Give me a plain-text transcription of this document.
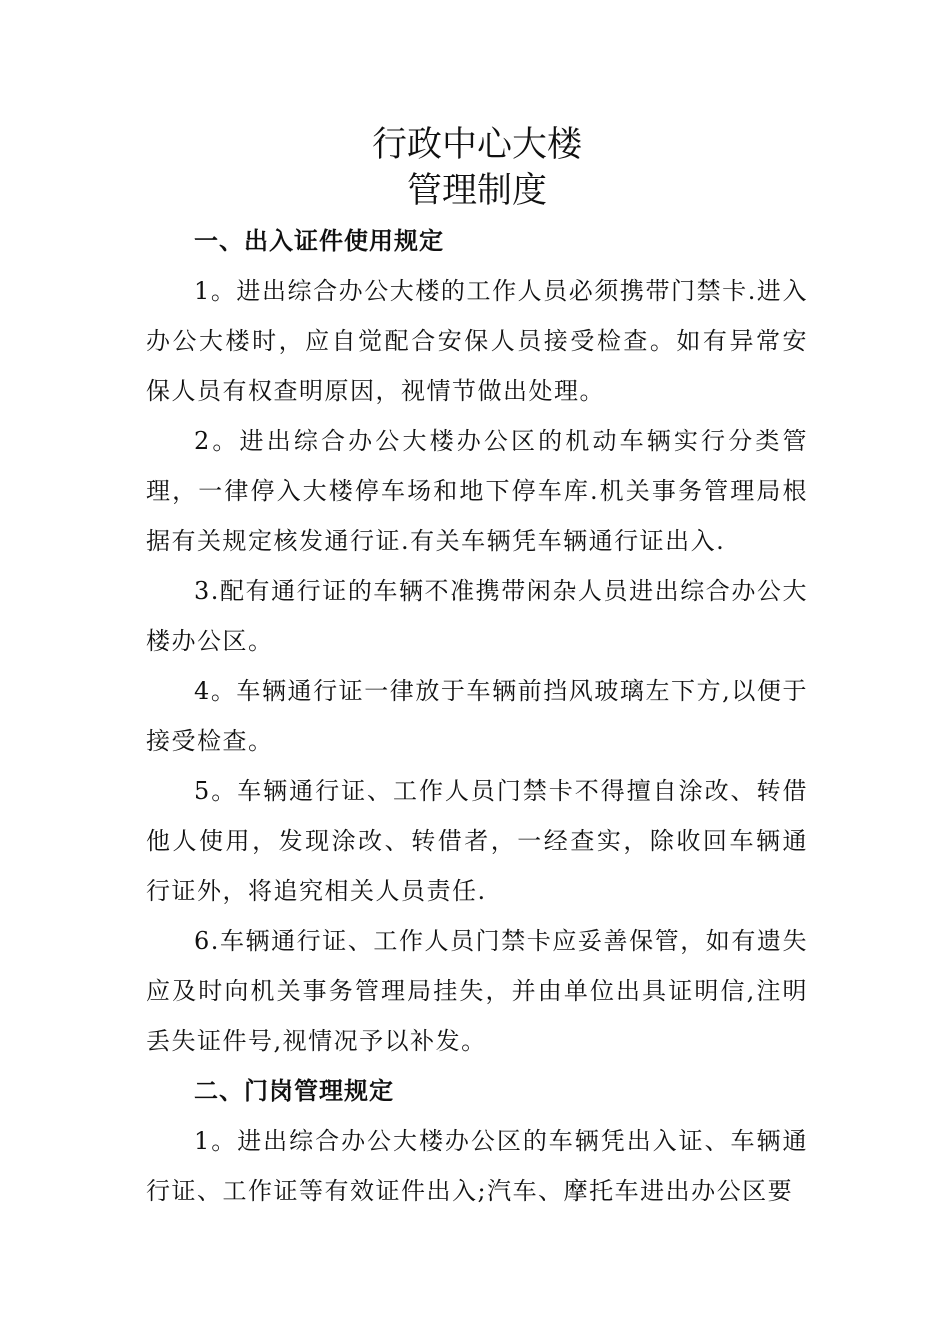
行政中心大楼
管理制度

一、出入证件使用规定

1。进出综合办公大楼的工作人员必须携带门禁卡.进入办公大楼时，应自觉配合安保人员接受检查。如有异常安保人员有权查明原因，视情节做出处理。

2。进出综合办公大楼办公区的机动车辆实行分类管理，一律停入大楼停车场和地下停车库.机关事务管理局根据有关规定核发通行证.有关车辆凭车辆通行证出入.

3.配有通行证的车辆不准携带闲杂人员进出综合办公大楼办公区。

4。车辆通行证一律放于车辆前挡风玻璃左下方,以便于接受检查。

5。车辆通行证、工作人员门禁卡不得擅自涂改、转借他人使用，发现涂改、转借者，一经查实，除收回车辆通行证外，将追究相关人员责任.

6.车辆通行证、工作人员门禁卡应妥善保管，如有遗失应及时向机关事务管理局挂失，并由单位出具证明信,注明丢失证件号,视情况予以补发。

二、门岗管理规定

1。进出综合办公大楼办公区的车辆凭出入证、车辆通行证、工作证等有效证件出入;汽车、摩托车进出办公区要
